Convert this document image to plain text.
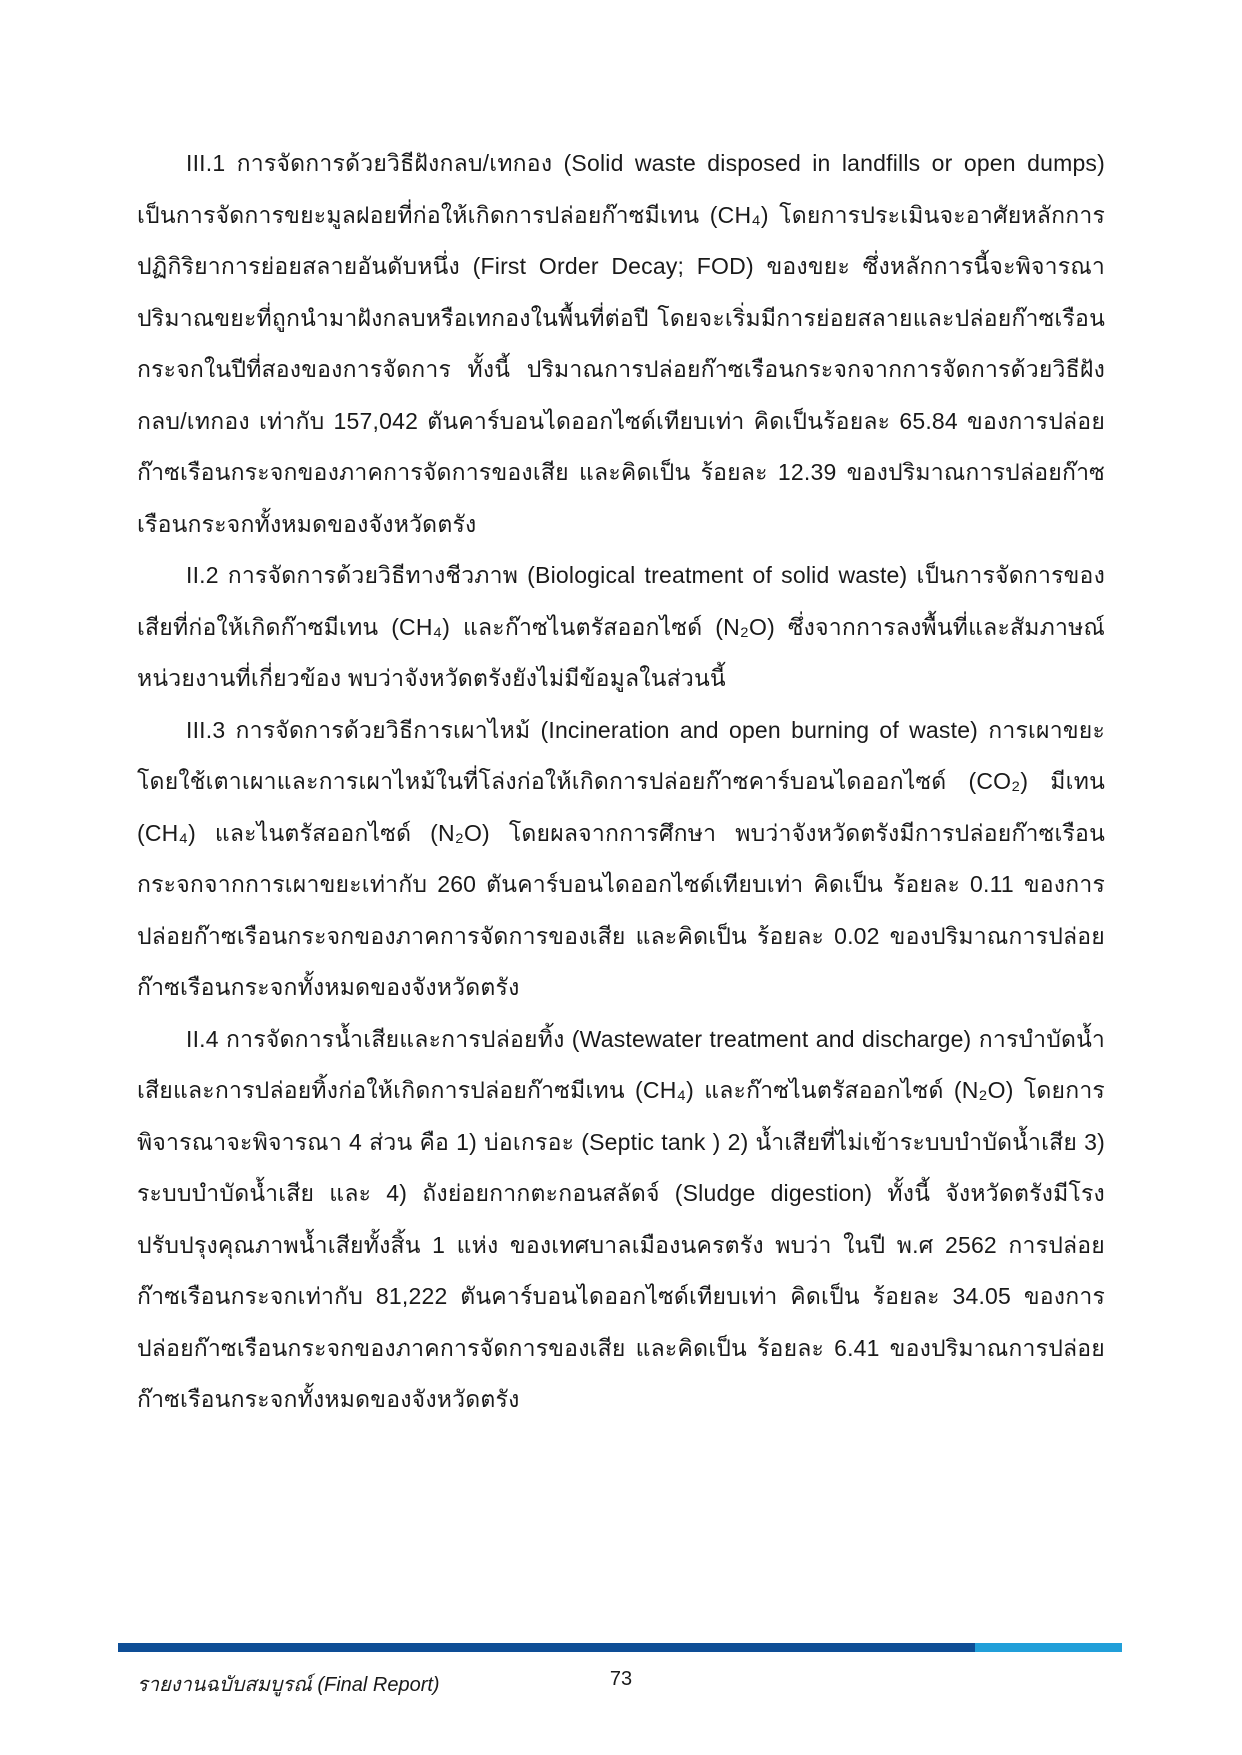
III.1 การจัดการด้วยวิธีฝังกลบ/เทกอง (Solid waste disposed in landfills or open dumps) เป็นการจัดการขยะมูลฝอยที่ก่อให้เกิดการปล่อยก๊าซมีเทน (CH₄) โดยการประเมินจะอาศัยหลักการปฏิกิริยาการย่อยสลายอันดับหนึ่ง (First Order Decay; FOD) ของขยะ ซึ่งหลักการนี้จะพิจารณาปริมาณขยะที่ถูกนำมาฝังกลบหรือเทกองในพื้นที่ต่อปี โดยจะเริ่มมีการย่อยสลายและปล่อยก๊าซเรือนกระจกในปีที่สองของการจัดการ ทั้งนี้ ปริมาณการปล่อยก๊าซเรือนกระจกจากการจัดการด้วยวิธีฝังกลบ/เทกอง เท่ากับ 157,042 ตันคาร์บอนไดออกไซด์เทียบเท่า คิดเป็นร้อยละ 65.84 ของการปล่อยก๊าซเรือนกระจกของภาคการจัดการของเสีย และคิดเป็น ร้อยละ 12.39 ของปริมาณการปล่อยก๊าซเรือนกระจกทั้งหมดของจังหวัดตรัง

II.2 การจัดการด้วยวิธีทางชีวภาพ (Biological treatment of solid waste) เป็นการจัดการของเสียที่ก่อให้เกิดก๊าซมีเทน (CH₄) และก๊าซไนตรัสออกไซด์ (N₂O) ซึ่งจากการลงพื้นที่และสัมภาษณ์หน่วยงานที่เกี่ยวข้อง พบว่าจังหวัดตรังยังไม่มีข้อมูลในส่วนนี้

III.3 การจัดการด้วยวิธีการเผาไหม้ (Incineration and open burning of waste) การเผาขยะโดยใช้เตาเผาและการเผาไหม้ในที่โล่งก่อให้เกิดการปล่อยก๊าซคาร์บอนไดออกไซด์ (CO₂) มีเทน (CH₄) และไนตรัสออกไซด์ (N₂O) โดยผลจากการศึกษา พบว่าจังหวัดตรังมีการปล่อยก๊าซเรือนกระจกจากการเผาขยะเท่ากับ 260 ตันคาร์บอนไดออกไซด์เทียบเท่า คิดเป็น ร้อยละ 0.11 ของการปล่อยก๊าซเรือนกระจกของภาคการจัดการของเสีย และคิดเป็น ร้อยละ 0.02 ของปริมาณการปล่อยก๊าซเรือนกระจกทั้งหมดของจังหวัดตรัง

II.4 การจัดการน้ำเสียและการปล่อยทิ้ง (Wastewater treatment and discharge) การบำบัดน้ำเสียและการปล่อยทิ้งก่อให้เกิดการปล่อยก๊าซมีเทน (CH₄) และก๊าซไนตรัสออกไซด์ (N₂O) โดยการพิจารณาจะพิจารณา 4 ส่วน คือ 1) บ่อเกรอะ (Septic tank ) 2) น้ำเสียที่ไม่เข้าระบบบำบัดน้ำเสีย 3) ระบบบำบัดน้ำเสีย และ 4) ถังย่อยกากตะกอนสลัดจ์ (Sludge digestion) ทั้งนี้ จังหวัดตรังมีโรงปรับปรุงคุณภาพน้ำเสียทั้งสิ้น 1 แห่ง ของเทศบาลเมืองนครตรัง พบว่า ในปี พ.ศ 2562 การปล่อยก๊าซเรือนกระจกเท่ากับ 81,222 ตันคาร์บอนไดออกไซด์เทียบเท่า คิดเป็น ร้อยละ 34.05 ของการปล่อยก๊าซเรือนกระจกของภาคการจัดการของเสีย และคิดเป็น ร้อยละ 6.41 ของปริมาณการปล่อยก๊าซเรือนกระจกทั้งหมดของจังหวัดตรัง

รายงานฉบับสมบูรณ์ (Final Report)	73
